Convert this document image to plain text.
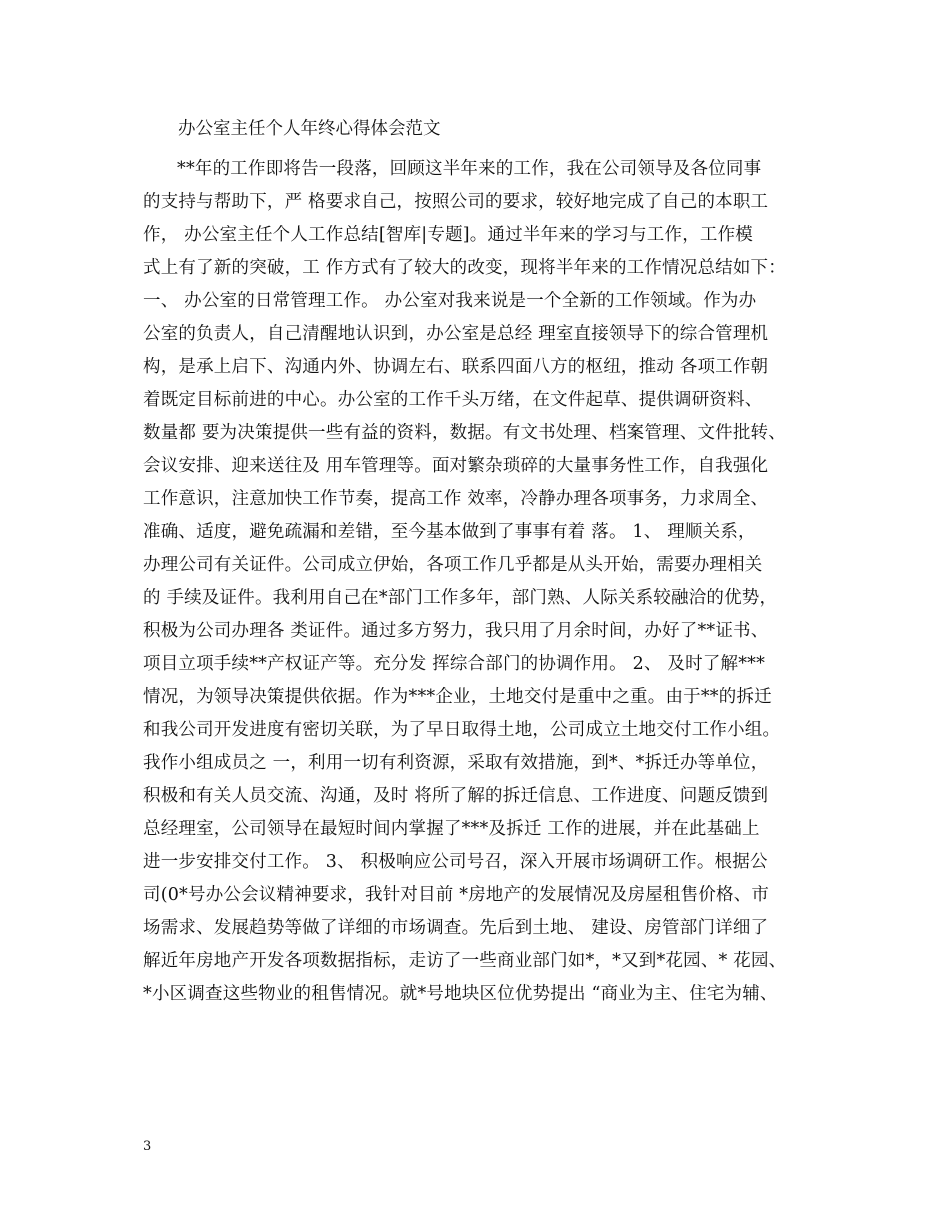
办公室主任个人年终心得体会范文
**年的工作即将告一段落，回顾这半年来的工作，我在公司领导及各位同事
的支持与帮助下，严 格要求自己，按照公司的要求，较好地完成了自己的本职工
作， 办公室主任个人工作总结[智库|专题]。通过半年来的学习与工作，工作模
式上有了新的突破，工 作方式有了较大的改变，现将半年来的工作情况总结如下：
一、 办公室的日常管理工作。 办公室对我来说是一个全新的工作领域。作为办
公室的负责人，自己清醒地认识到，办公室是总经 理室直接领导下的综合管理机
构，是承上启下、沟通内外、协调左右、联系四面八方的枢纽，推动 各项工作朝
着既定目标前进的中心。办公室的工作千头万绪，在文件起草、提供调研资料、
数量都 要为决策提供一些有益的资料，数据。有文书处理、档案管理、文件批转、
会议安排、迎来送往及 用车管理等。面对繁杂琐碎的大量事务性工作，自我强化
工作意识，注意加快工作节奏，提高工作 效率，冷静办理各项事务，力求周全、
准确、适度，避免疏漏和差错，至今基本做到了事事有着 落。 1、 理顺关系，
办理公司有关证件。公司成立伊始，各项工作几乎都是从头开始，需要办理相关
的 手续及证件。我利用自己在*部门工作多年，部门熟、人际关系较融洽的优势，
积极为公司办理各 类证件。通过多方努力，我只用了月余时间，办好了**证书、
项目立项手续**产权证产等。充分发 挥综合部门的协调作用。 2、 及时了解***
情况，为领导决策提供依据。作为***企业，土地交付是重中之重。由于**的拆迁
和我公司开发进度有密切关联，为了早日取得土地，公司成立土地交付工作小组。
我作小组成员之 一，利用一切有利资源，采取有效措施，到*、*拆迁办等单位，
积极和有关人员交流、沟通，及时 将所了解的拆迁信息、工作进度、问题反馈到
总经理室，公司领导在最短时间内掌握了***及拆迁 工作的进展，并在此基础上
进一步安排交付工作。 3、 积极响应公司号召，深入开展市场调研工作。根据公
司(0*号办公会议精神要求，我针对目前 *房地产的发展情况及房屋租售价格、市
场需求、发展趋势等做了详细的市场调查。先后到土地、 建设、房管部门详细了
解近年房地产开发各项数据指标，走访了一些商业部门如*，*又到*花园、* 花园、
*小区调查这些物业的租售情况。就*号地块区位优势提出 “商业为主、住宅为辅、
3
